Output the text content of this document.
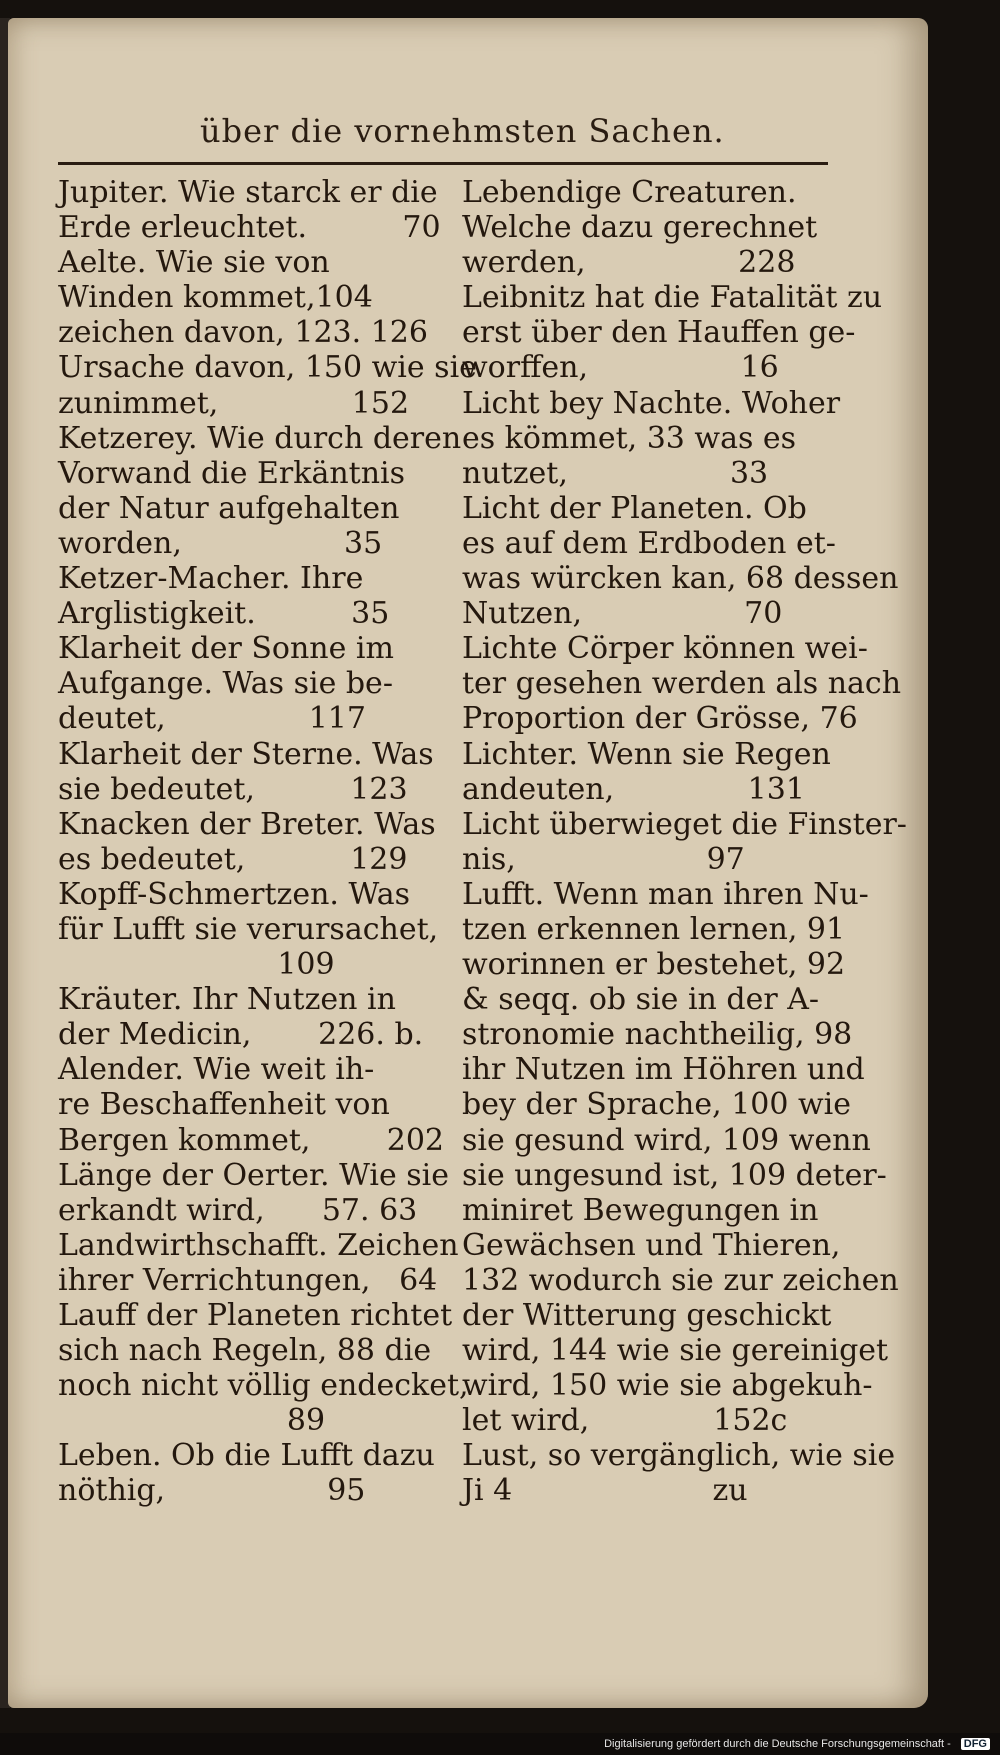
über die vornehmsten Sachen.
Jupiter. Wie starck er die
Erde erleuchtet.          70
Aelte. Wie sie von
Winden kommet,104
zeichen davon, 123. 126
Ursache davon, 150 wie sie
zunimmet,              152
Ketzerey. Wie durch deren
Vorwand die Erkäntnis
der Natur aufgehalten
worden,                 35
Ketzer-Macher. Ihre
Arglistigkeit.          35
Klarheit der Sonne im
Aufgange. Was sie be-
deutet,               117
Klarheit der Sterne. Was
sie bedeutet,          123
Knacken der Breter. Was
es bedeutet,           129
Kopff-Schmertzen. Was
für Lufft sie verursachet,
109
Kräuter. Ihr Nutzen in
der Medicin,       226. b.
Alender. Wie weit ih-
re Beschaffenheit von
Bergen kommet,        202
Länge der Oerter. Wie sie
erkandt wird,      57. 63
Landwirthschafft. Zeichen
ihrer Verrichtungen,   64
Lauff der Planeten richtet
sich nach Regeln, 88 die
noch nicht völlig endecket,
89
Leben. Ob die Lufft dazu
nöthig,                 95
Lebendige Creaturen.
Welche dazu gerechnet
werden,                228
Leibnitz hat die Fatalität zu
erst über den Hauffen ge-
worffen,                16
Licht bey Nachte. Woher
es kömmet, 33 was es
nutzet,                 33
Licht der Planeten. Ob
es auf dem Erdboden et-
was würcken kan, 68 dessen
Nutzen,                 70
Lichte Cörper können wei-
ter gesehen werden als nach
Proportion der Grösse, 76
Lichter. Wenn sie Regen
andeuten,              131
Licht überwieget die Finster-
nis,                    97
Lufft. Wenn man ihren Nu-
tzen erkennen lernen, 91
worinnen er bestehet, 92
& seqq. ob sie in der A-
stronomie nachtheilig, 98
ihr Nutzen im Höhren und
bey der Sprache, 100 wie
sie gesund wird, 109 wenn
sie ungesund ist, 109 deter-
miniret Bewegungen in
Gewächsen und Thieren,
132 wodurch sie zur zeichen
der Witterung geschickt
wird, 144 wie sie gereiniget
wird, 150 wie sie abgekuh-
let wird,             152c
Lust, so vergänglich, wie sie
Ji 4                     zu
Digitalisierung gefördert durch die Deutsche Forschungsgemeinschaft - DFG
